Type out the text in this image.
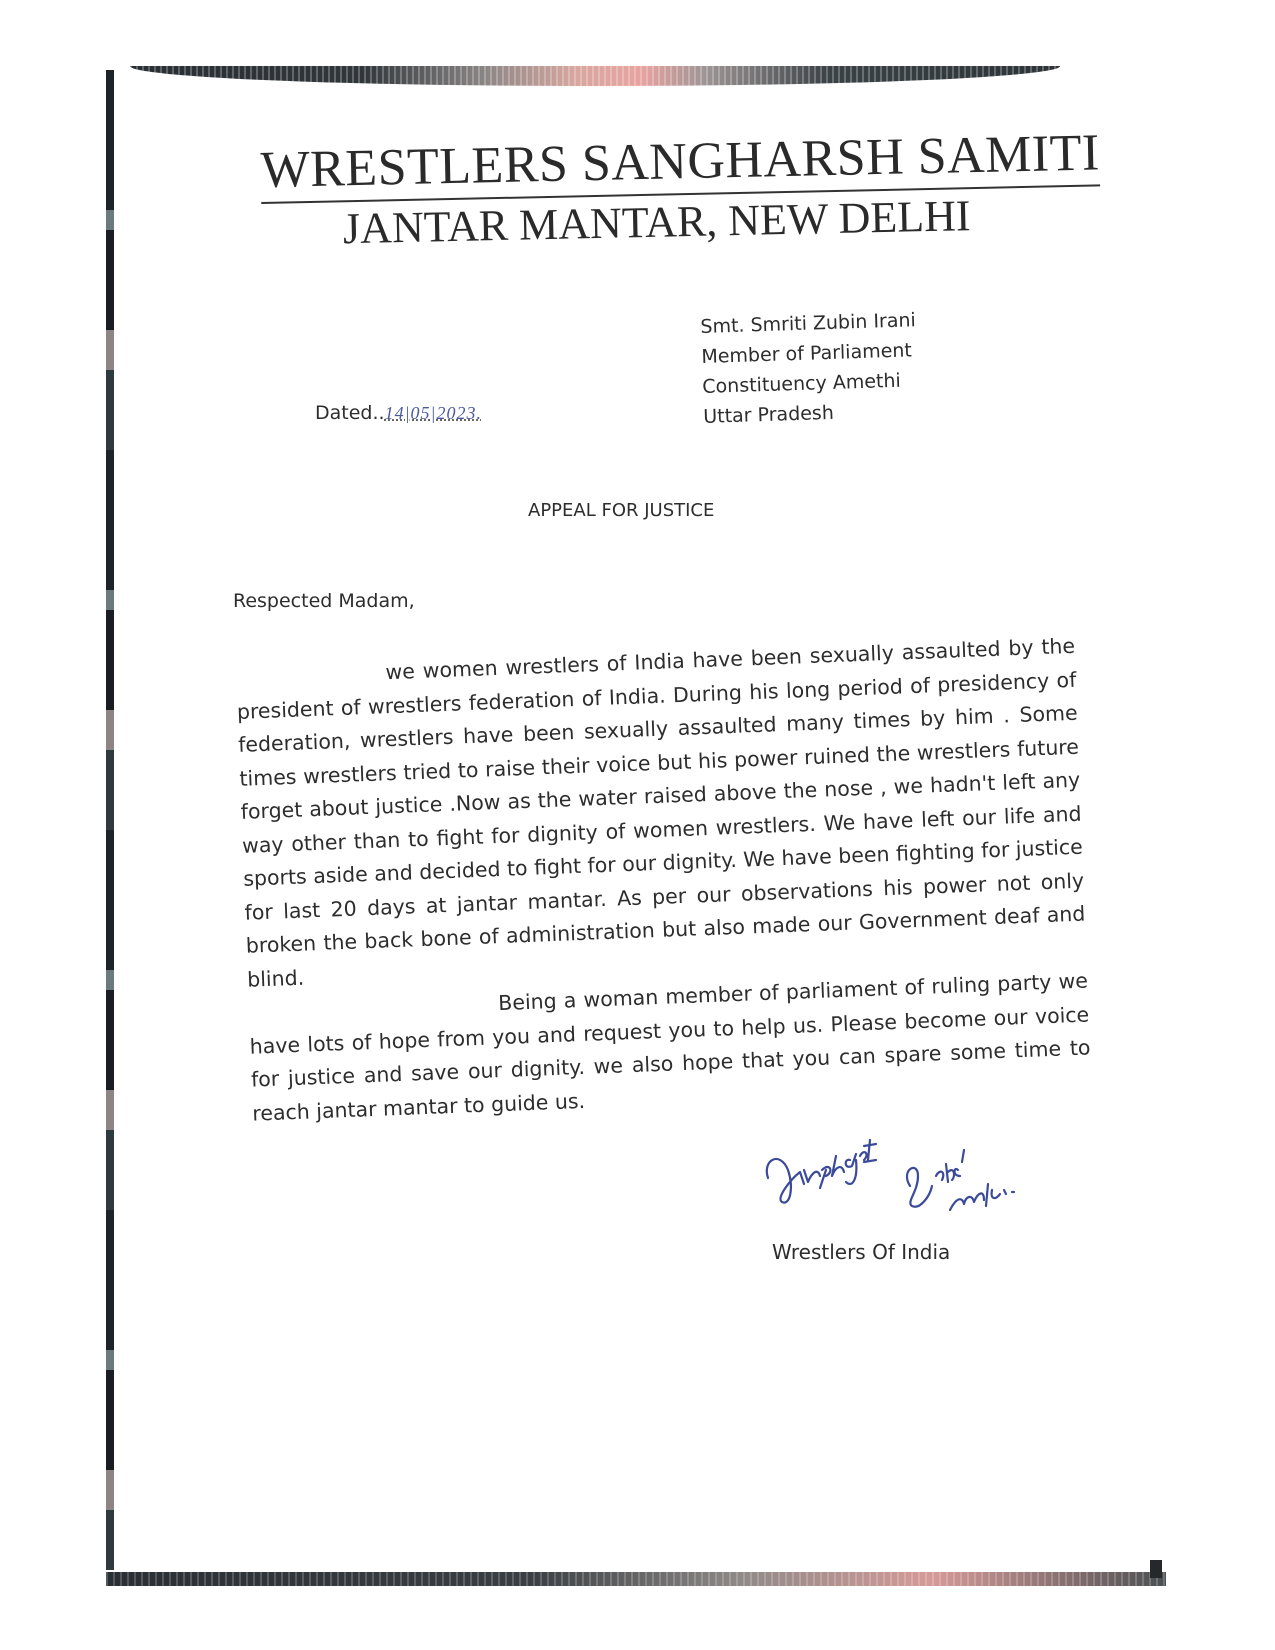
WRESTLERS SANGHARSH SAMITI
JANTAR MANTAR, NEW DELHI
Smt. Smriti Zubin Irani
Member of Parliament
Constituency Amethi
Uttar Pradesh
Dated..14|05|2023.
APPEAL FOR JUSTICE
Respected Madam,

we women wrestlers of India have been sexually assaulted by the president of wrestlers federation of India. During his long period of presidency of federation, wrestlers have been sexually assaulted many times by him . Some times wrestlers tried to raise their voice but his power ruined the wrestlers future forget about justice .Now as the water raised above the nose , we hadn't left any way other than to fight for dignity of women wrestlers. We have left our life and sports aside and decided to fight for our dignity. We have been fighting for justice for last 20 days at jantar mantar. As per our observations his power not only broken the back bone of administration but also made our Government deaf and blind.	Being a woman member of parliament of ruling party we have lots of hope from you and request you to help us. Please become our voice for justice and save our dignity. we also hope that you can spare some time to reach jantar mantar to guide us.

Wrestlers Of India
